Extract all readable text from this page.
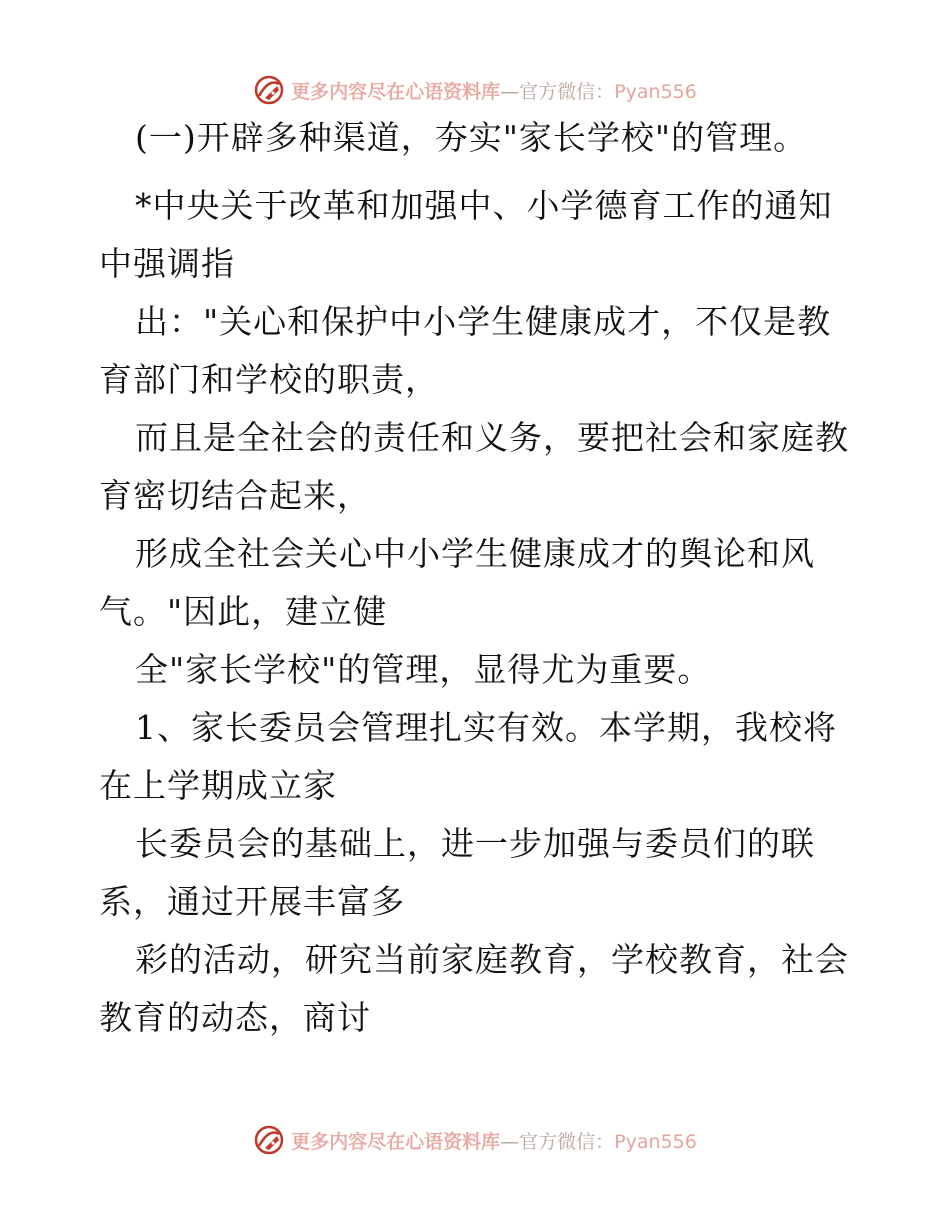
更多内容尽在心语资料库—官方微信：Pyan556
(一)开辟多种渠道，夯实"家长学校"的管理。
*中央关于改革和加强中、小学德育工作的通知
中强调指
出："关心和保护中小学生健康成才，不仅是教
育部门和学校的职责，
而且是全社会的责任和义务，要把社会和家庭教
育密切结合起来，
形成全社会关心中小学生健康成才的舆论和风
气。"因此，建立健
全"家长学校"的管理，显得尤为重要。
1、家长委员会管理扎实有效。本学期，我校将
在上学期成立家
长委员会的基础上，进一步加强与委员们的联
系，通过开展丰富多
彩的活动，研究当前家庭教育，学校教育，社会
教育的动态，商讨
更多内容尽在心语资料库—官方微信：Pyan556
